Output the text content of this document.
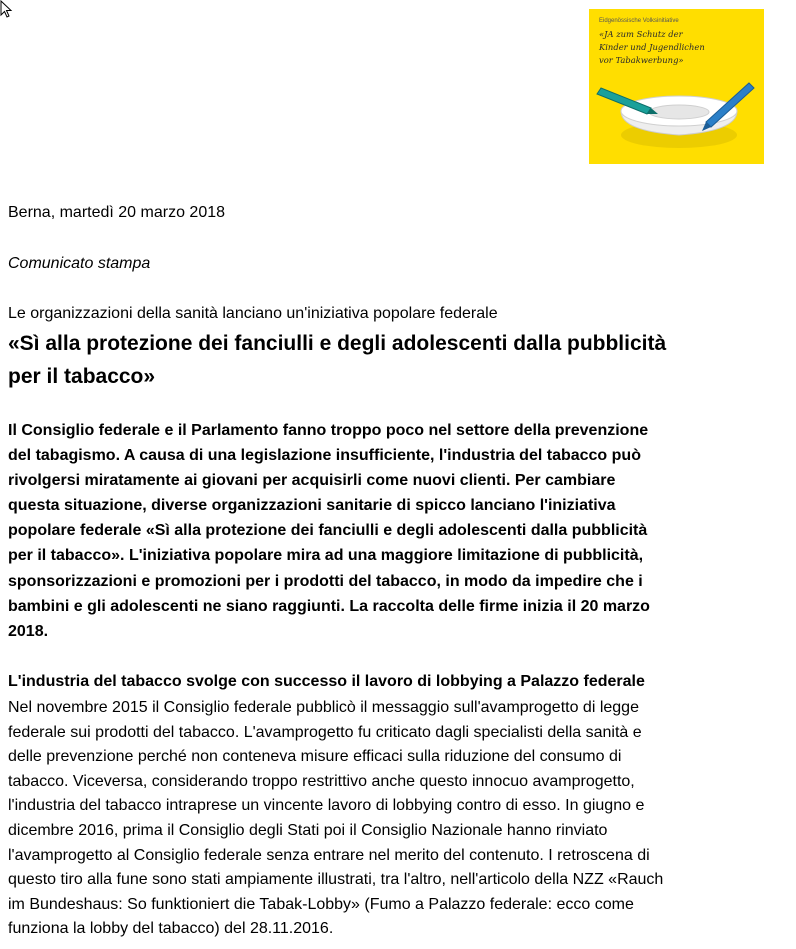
Eidgenössische Volksinitiative
«JA zum Schutz der
Kinder und Jugendlichen
vor Tabakwerbung»
Berna, martedì 20 marzo 2018
Comunicato stampa
Le organizzazioni della sanità lanciano un'iniziativa popolare federale
«Sì alla protezione dei fanciulli e degli adolescenti dalla pubblicità
per il tabacco»
Il Consiglio federale e il Parlamento fanno troppo poco nel settore della prevenzione
del tabagismo. A causa di una legislazione insufficiente, l'industria del tabacco può
rivolgersi miratamente ai giovani per acquisirli come nuovi clienti. Per cambiare
questa situazione, diverse organizzazioni sanitarie di spicco lanciano l'iniziativa
popolare federale «Sì alla protezione dei fanciulli e degli adolescenti dalla pubblicità
per il tabacco». L'iniziativa popolare mira ad una maggiore limitazione di pubblicità,
sponsorizzazioni e promozioni per i prodotti del tabacco, in modo da impedire che i
bambini e gli adolescenti ne siano raggiunti. La raccolta delle firme inizia il 20 marzo
2018.
L'industria del tabacco svolge con successo il lavoro di lobbying a Palazzo federale
Nel novembre 2015 il Consiglio federale pubblicò il messaggio sull'avamprogetto di legge
federale sui prodotti del tabacco. L'avamprogetto fu criticato dagli specialisti della sanità e
delle prevenzione perché non conteneva misure efficaci sulla riduzione del consumo di
tabacco. Viceversa, considerando troppo restrittivo anche questo innocuo avamprogetto,
l'industria del tabacco intraprese un vincente lavoro di lobbying contro di esso. In giugno e
dicembre 2016, prima il Consiglio degli Stati poi il Consiglio Nazionale hanno rinviato
l'avamprogetto al Consiglio federale senza entrare nel merito del contenuto. I retroscena di
questo tiro alla fune sono stati ampiamente illustrati, tra l'altro, nell'articolo della NZZ «Rauch
im Bundeshaus: So funktioniert die Tabak-Lobby» (Fumo a Palazzo federale: ecco come
funziona la lobby del tabacco) del 28.11.2016.
